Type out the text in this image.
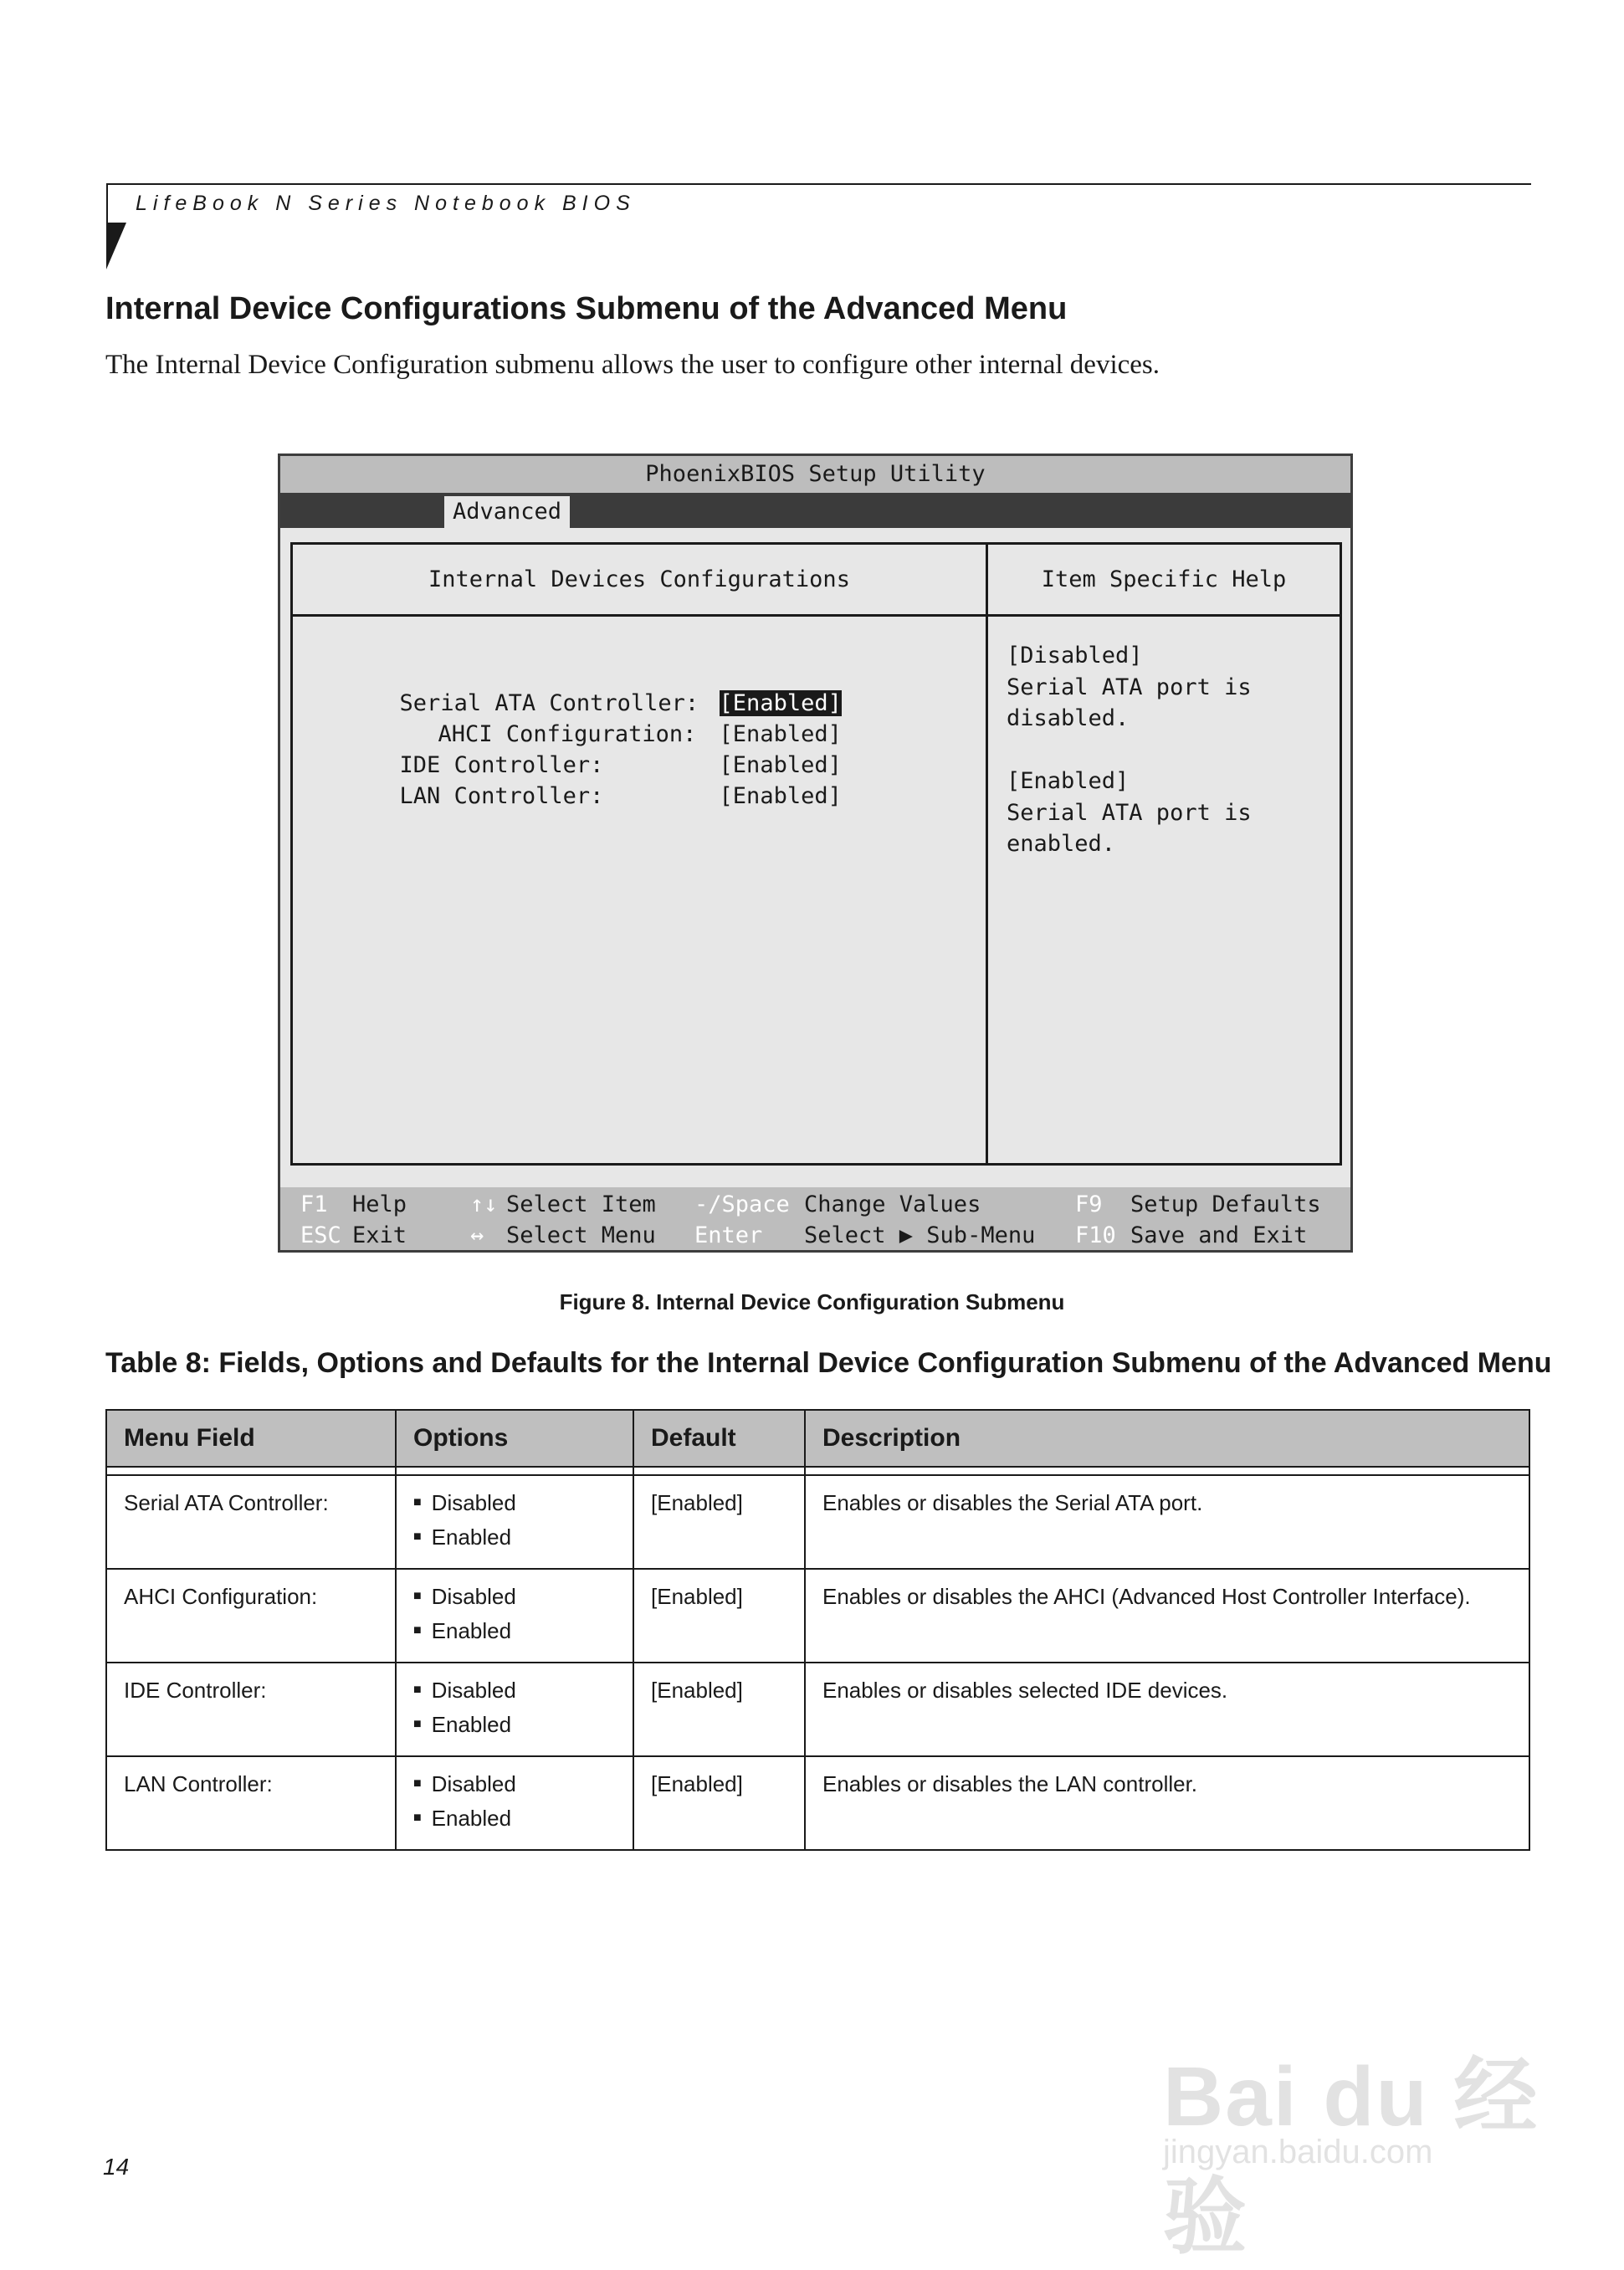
LifeBook N Series Notebook BIOS
Internal Device Configurations Submenu of the Advanced Menu
The Internal Device Configuration submenu allows the user to configure other internal devices.
PhoenixBIOS Setup Utility
Advanced
Internal Devices Configurations	Item Specific Help

Serial ATA Controller:
[Enabled]

AHCI Configuration:
	[Enabled]

IDE Controller:
	[Enabled]

LAN Controller:
	[Enabled]

[Disabled]
Serial ATA port is
disabled.

[Enabled]
Serial ATA port is
enabled.
F1 Help
ESC Exit
↑↓ Select Item
↔ Select Menu
-/Space Change Values
Enter Select ▶ Sub-Menu
F9 Setup Defaults
F10 Save and Exit
Figure 8. Internal Device Configuration Submenu
Table 8: Fields, Options and Defaults for the Internal Device Configuration Submenu of the Advanced Menu
Menu Field	Options	Default	Description

Serial ATA Controller:	■ Disabled
■ Enabled	[Enabled]	Enables or disables the Serial ATA port.
AHCI Configuration:	■ Disabled
■ Enabled	[Enabled]	Enables or disables the AHCI (Advanced Host Controller Interface).
IDE Controller:	■ Disabled
■ Enabled	[Enabled]	Enables or disables selected IDE devices.
LAN Controller:	■ Disabled
■ Enabled	[Enabled]	Enables or disables the LAN controller.
14
Bai du 经验
jingyan.baidu.com
